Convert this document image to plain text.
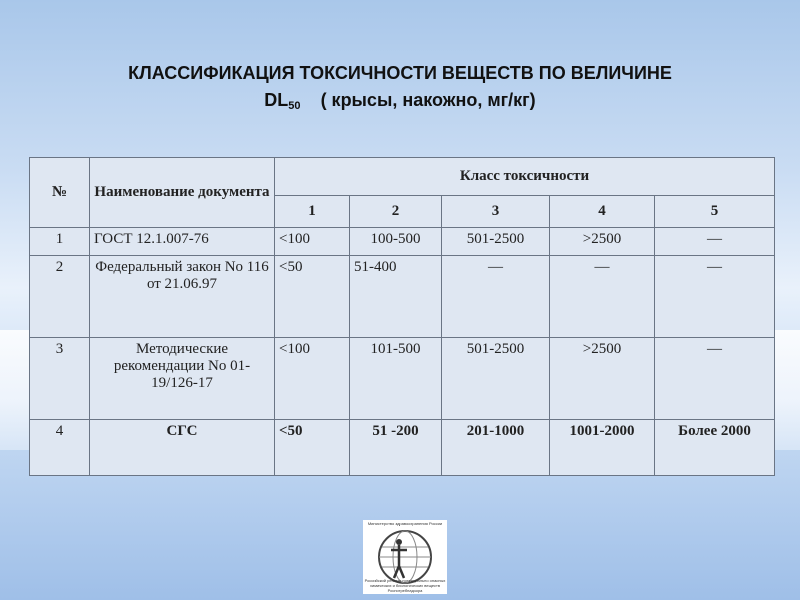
КЛАССИФИКАЦИЯ ТОКСИЧНОСТИ ВЕЩЕСТВ ПО ВЕЛИЧИНЕ
$DL_{50}$ ( крысы, накожно, мг/кг)
№	Наименование документа	Класс токсичности				
		1	2	3	4	5
1	ГОСТ 12.1.007-76	<100	100-500	501-2500	>2500	—
2	Федеральный закон No 116 от 21.06.97	<50	51-400	—	—	—
3	Методические рекомендации No 01-19/126-17	<100	101-500	501-2500	>2500	—
4	СГС	<50	51 -200	201-1000	1001-2000	Более 2000
Министерство здравоохранения России
Российский регистр потенциально опасных химических и биологических веществ Роспотребнадзора
